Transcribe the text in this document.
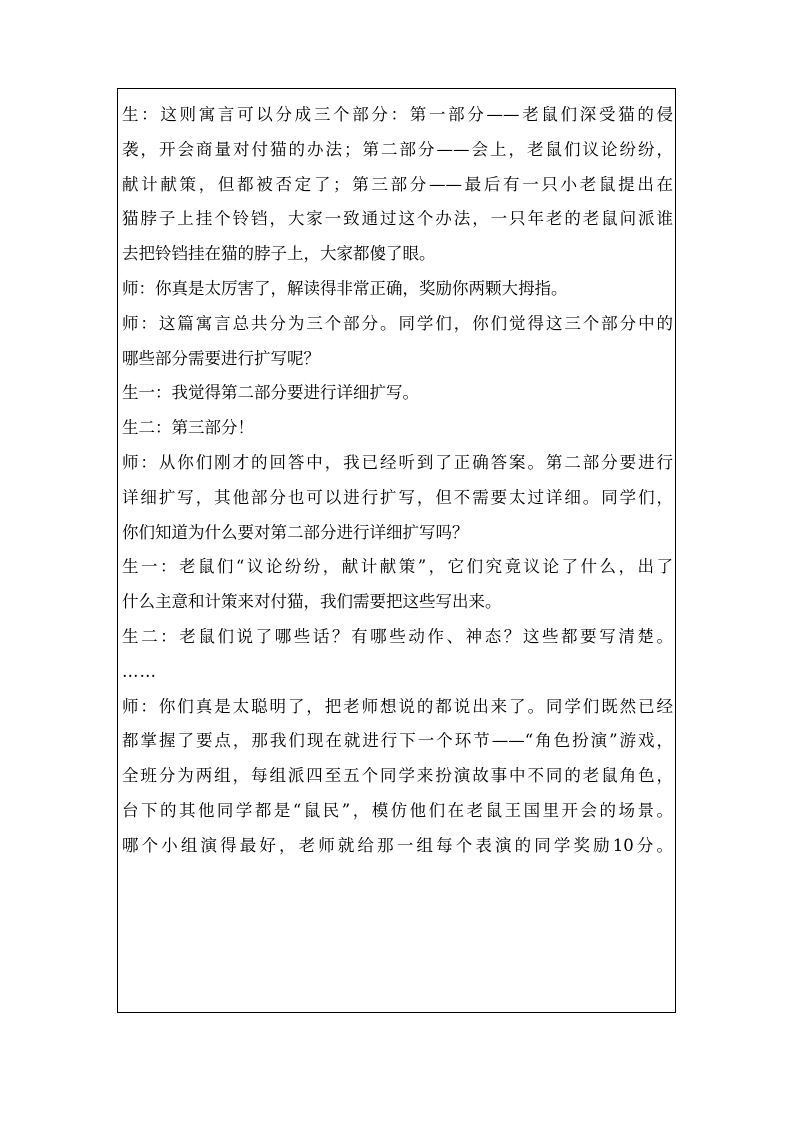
生：这则寓言可以分成三个部分：第一部分——老鼠们深受猫的侵
袭，开会商量对付猫的办法；第二部分——会上，老鼠们议论纷纷，
献计献策，但都被否定了；第三部分——最后有一只小老鼠提出在
猫脖子上挂个铃铛，大家一致通过这个办法，一只年老的老鼠问派谁
去把铃铛挂在猫的脖子上，大家都傻了眼。
师：你真是太厉害了，解读得非常正确，奖励你两颗大拇指。
师：这篇寓言总共分为三个部分。同学们，你们觉得这三个部分中的
哪些部分需要进行扩写呢？
生一：我觉得第二部分要进行详细扩写。
生二：第三部分！
师：从你们刚才的回答中，我已经听到了正确答案。第二部分要进行
详细扩写，其他部分也可以进行扩写，但不需要太过详细。同学们，
你们知道为什么要对第二部分进行详细扩写吗？
生一：老鼠们“议论纷纷，献计献策”，它们究竟议论了什么，出了
什么主意和计策来对付猫，我们需要把这些写出来。
生二：老鼠们说了哪些话？有哪些动作、神态？这些都要写清楚。
……
师：你们真是太聪明了，把老师想说的都说出来了。同学们既然已经
都掌握了要点，那我们现在就进行下一个环节——“角色扮演”游戏，
全班分为两组，每组派四至五个同学来扮演故事中不同的老鼠角色，
台下的其他同学都是“鼠民”，模仿他们在老鼠王国里开会的场景。
哪个小组演得最好，老师就给那一组每个表演的同学奖励10分。
